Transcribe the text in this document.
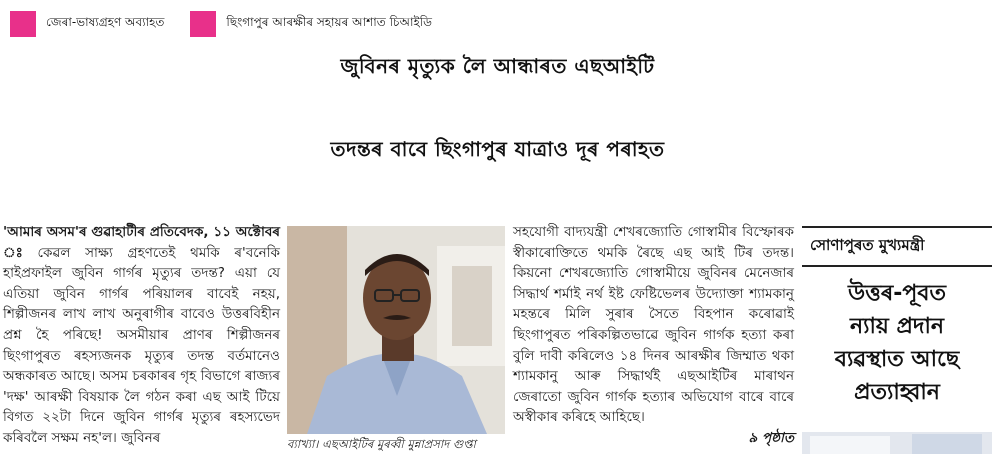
জেৰা-ভাষ্যগ্ৰহণ অব্যাহত	ছিংগাপুৰ আৰক্ষীৰ সহায়ৰ আশাত চিআইডি
জুবিনৰ মৃত্যুক লৈ আন্ধাৰত এছআইটি
তদন্তৰ বাবে ছিংগাপুৰ যাত্ৰাও দূৰ পৰাহত

'আমাৰ অসম'ৰ গুৱাহাটীৰ প্ৰতিবেদক, ১১ অক্টোবৰ ঃ কেৱল সাক্ষ্য গ্ৰহণতেই থমকি ৰ'বনেকি হাইপ্ৰফাইল জুবিন গাৰ্গৰ মৃত্যুৰ তদন্ত? এয়া যে এতিয়া জুবিন গাৰ্গৰ পৰিয়ালৰ বাবেই নহয়, শিল্পীজনৰ লাখ লাখ অনুৰাগীৰ বাবেও উত্তৰবিহীন প্ৰশ্ন হৈ পৰিছে! অসমীয়াৰ প্ৰাণৰ শিল্পীজনৰ ছিংগাপুৰত ৰহস্যজনক মৃত্যুৰ তদন্ত বৰ্তমানেও অন্ধকাৰত আছে। অসম চৰকাৰৰ গৃহ বিভাগে ৰাজ্যৰ 'দক্ষ' আৰক্ষী বিষয়াক লৈ গঠন কৰা এছ আই টিয়ে বিগত ২২টা দিনে জুবিন গাৰ্গৰ মৃত্যুৰ ৰহস্যভেদ কৰিবলৈ সক্ষম নহ'ল। জুবিনৰ	ব্যাখ্যা। এছআইটিৰ মুৰব্বী মুন্নাপ্ৰসাদ গুপ্তা

সহযোগী বাদ্যযন্ত্ৰী শেখৰজ্যোতি গোস্বামীৰ বিস্ফোৰক স্বীকাৰোক্তিতে থমকি ৰৈছে এছ আই টিৰ তদন্ত। কিয়নো শেখৰজ্যোতি গোস্বামীয়ে জুবিনৰ মেনেজাৰ সিদ্ধাৰ্থ শৰ্মাই নৰ্থ ইষ্ট ফেষ্টিভেলৰ উদ্যোক্তা শ্যামকানু মহন্তৰে মিলি সুৰাৰ সৈতে বিহপান কৰোৱাই ছিংগাপুৰত পৰিকল্পিতভাৱে জুবিন গাৰ্গক হত্যা কৰা বুলি দাবী কৰিলেও ১৪ দিনৰ আৰক্ষীৰ জিম্মাত থকা শ্যামকানু আৰু সিদ্ধাৰ্থই এছআইটিৰ মাৰাথন জেৰাতো জুবিন গাৰ্গক হত্যাৰ অভিযোগ বাৰে বাৰে অস্বীকাৰ কৰিহে আহিছে।
৯ পৃষ্ঠাত

সোণাপুৰত মুখ্যমন্ত্ৰী
উত্তৰ-পূবত
ন্যায় প্ৰদান
ব্যৱস্থাত আছে
প্ৰত্যাহ্বান
